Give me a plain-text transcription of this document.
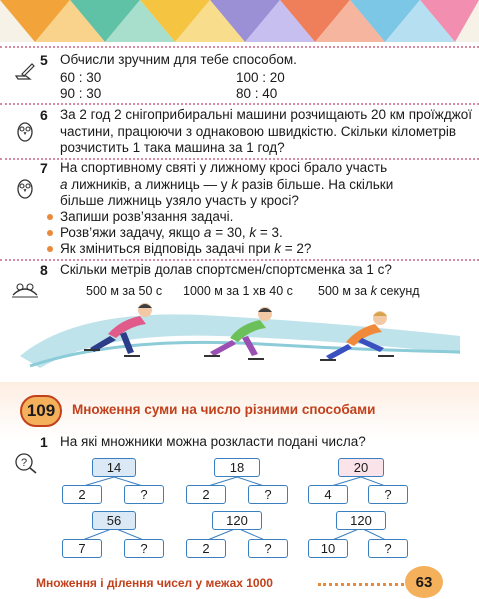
5 Обчисли зручним для тебе способом.
60 : 30	100 : 20
90 : 30	80 : 40
6 За 2 год 2 снігоприбиральні машини розчищають 20 км проїжджої частини, працюючи з однаковою швидкістю. Скільки кілометрів розчистить 1 така машина за 1 год?
7 На спортивному святі у лижному кросі брало участь
a лижників, а лижниць — у k разів більше. На скільки
більше лижниць узяло участь у кросі?
Запиши розв’язання задачі.
Розв’яжи задачу, якщо a = 30, k = 3.
Як зміниться відповідь задачі при k = 2?
8 Скільки метрів долав спортсмен/спортсменка за 1 с?
500 м за 50 с 1000 м за 1 хв 40 с 500 м за k секунд
109	Множення суми на число різними способами
?
1 На які множники можна розкласти подані числа?
14
2	?
18
2	?
20
4	?
56
7	?
120
2	?
120
10	?
Множення і ділення чисел у межах 1000	63
